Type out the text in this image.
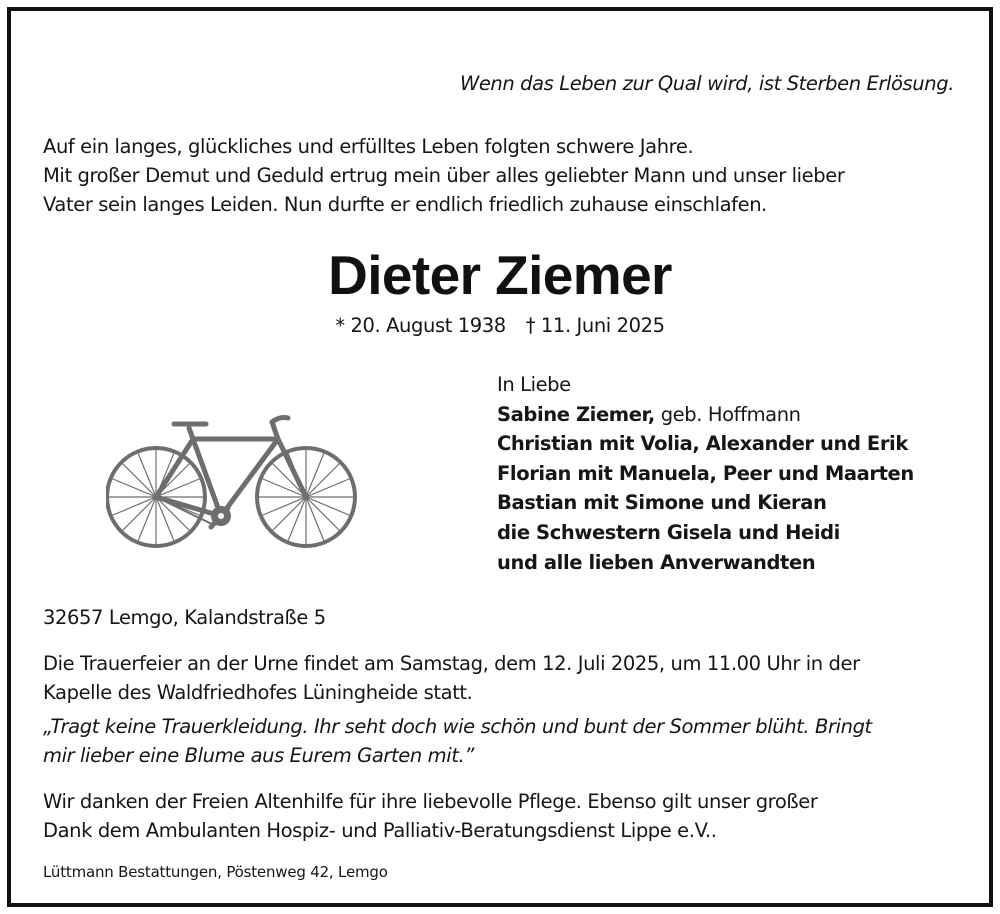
Wenn das Leben zur Qual wird, ist Sterben Erlösung.

Auf ein langes, glückliches und erfülltes Leben folgten schwere Jahre.
Mit großer Demut und Geduld ertrug mein über alles geliebter Mann und unser lieber
Vater sein langes Leiden. Nun durfte er endlich friedlich zuhause einschlafen.
Dieter Ziemer
* 20. August 1938 † 11. Juni 2025
In Liebe
Sabine Ziemer, geb. Hoffmann
Christian mit Volia, Alexander und Erik
Florian mit Manuela, Peer und Maarten
Bastian mit Simone und Kieran
die Schwestern Gisela und Heidi
und alle lieben Anverwandten

32657 Lemgo, Kalandstraße 5

Die Trauerfeier an der Urne findet am Samstag, dem 12. Juli 2025, um 11.00 Uhr in der
Kapelle des Waldfriedhofes Lüningheide statt.
„Tragt keine Trauerkleidung. Ihr seht doch wie schön und bunt der Sommer blüht. Bringt
mir lieber eine Blume aus Eurem Garten mit.”
Wir danken der Freien Altenhilfe für ihre liebevolle Pflege. Ebenso gilt unser großer
Dank dem Ambulanten Hospiz- und Palliativ-Beratungsdienst Lippe e.V..

Lüttmann Bestattungen, Pöstenweg 42, Lemgo
